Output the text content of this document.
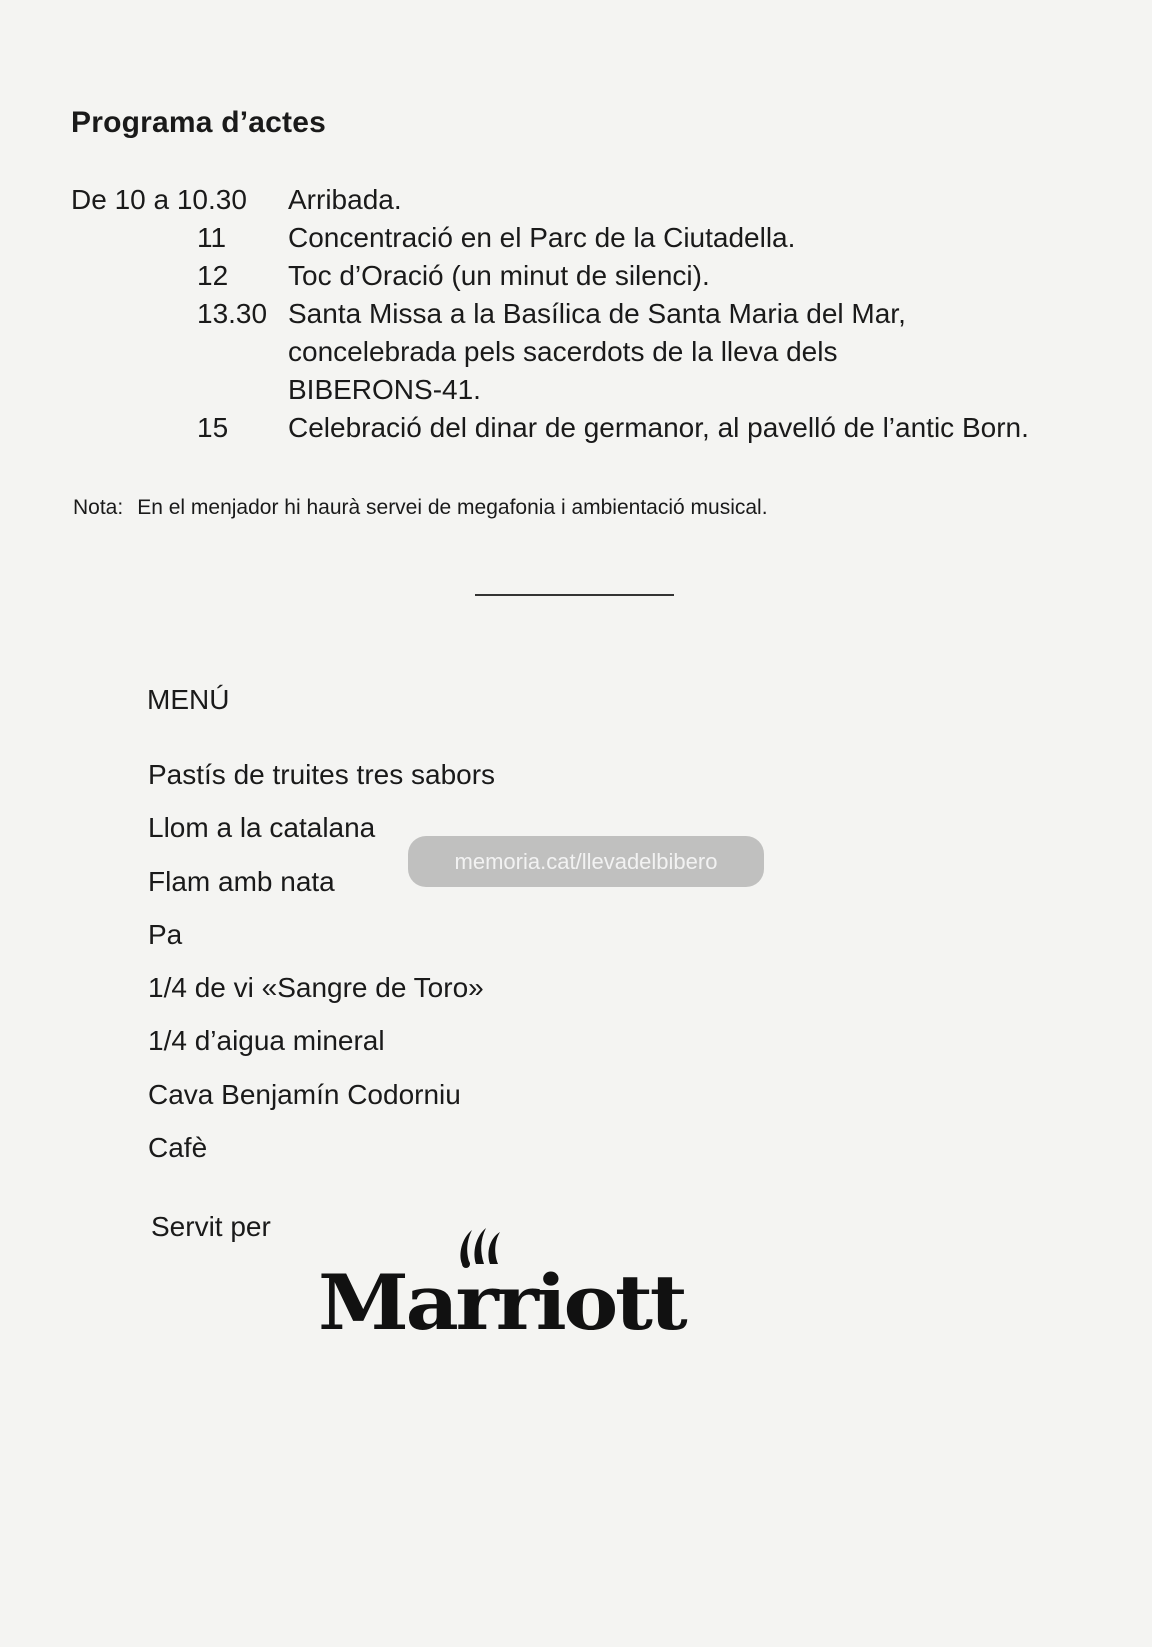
Programa d’actes
De 10 a 10.30	Arribada.
11	Concentració en el Parc de la Ciutadella.
12	Toc d’Oració (un minut de silenci).
13.30 Santa Missa a la Basílica de Santa Maria del Mar, concelebrada pels sacerdots de la lleva dels BIBERONS-41.
15	Celebració del dinar de germanor, al pavelló de l’antic Born.
Nota: En el menjador hi haurà servei de megafonia i ambientació musical.
MENÚ
Pastís de truites tres sabors
Llom a la catalana
Flam amb nata
Pa
1/4 de vi «Sangre de Toro»
1/4 d’aigua mineral
Cava Benjamín Codorniu
Cafè
Servit per
Marriott
memoria.cat/llevadelbibero
